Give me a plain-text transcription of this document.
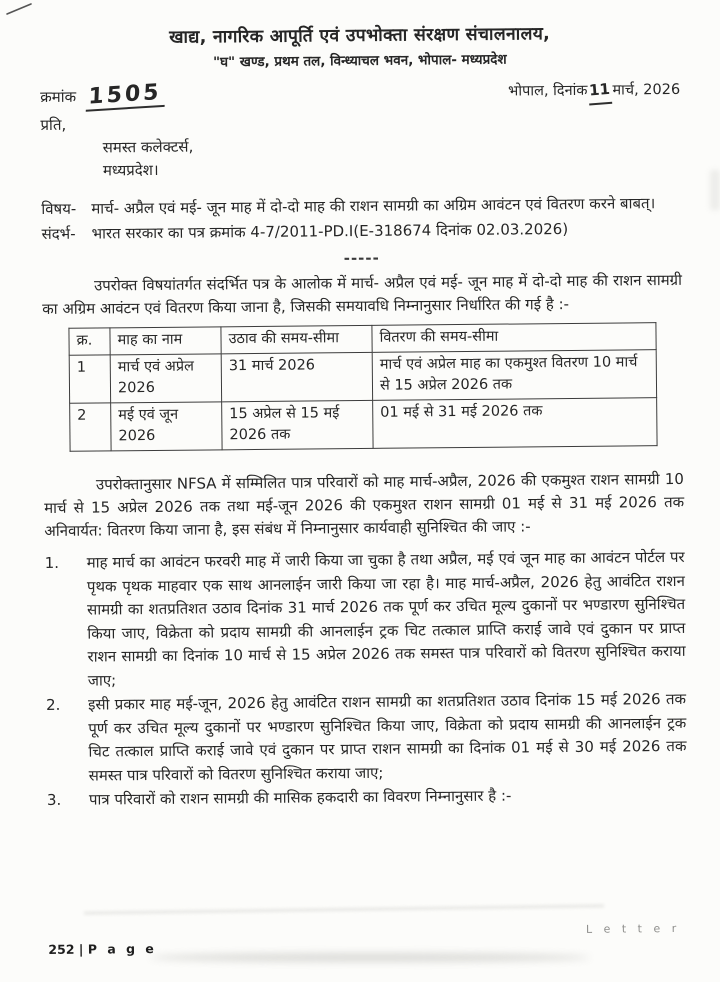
खाद्य, नागरिक आपूर्ति एवं उपभोक्ता संरक्षण संचालनालय,
"घ" खण्ड, प्रथम तल, विन्ध्याचल भवन, भोपाल- मध्यप्रदेश
क्रमांक 1505	भोपाल, दिनांक11मार्च, 2026
प्रति,
समस्त कलेक्टर्स,
मध्यप्रदेश।
विषय- मार्च- अप्रैल एवं मई- जून माह में दो-दो माह की राशन सामग्री का अग्रिम आवंटन एवं वितरण करने बाबत्।
संदर्भ-	भारत सरकार का पत्र क्रमांक 4-7/2011-PD.I(E-318674 दिनांक 02.03.2026)
-----
उपरोक्त विषयांतर्गत संदर्भित पत्र के आलोक में मार्च- अप्रैल एवं मई- जून माह में दो-दो माह की राशन सामग्री का अग्रिम आवंटन एवं वितरण किया जाना है, जिसकी समयावधि निम्नानुसार निर्धारित की गई है :-
क्र.	माह का नाम	उठाव की समय-सीमा	वितरण की समय-सीमा
1	मार्च एवं अप्रेल 2026	31 मार्च 2026	मार्च एवं अप्रेल माह का एकमुश्त वितरण 10 मार्च से 15 अप्रेल 2026 तक
2	मई एवं जून 2026	15 अप्रेल से 15 मई 2026 तक	01 मई से 31 मई 2026 तक
उपरोक्तानुसार NFSA में सम्मिलित पात्र परिवारों को माह मार्च-अप्रैल, 2026 की एकमुश्त राशन सामग्री 10 मार्च से 15 अप्रेल 2026 तक तथा मई-जून 2026 की एकमुश्त राशन सामग्री 01 मई से 31 मई 2026 तक अनिवार्यत: वितरण किया जाना है, इस संबंध में निम्नानुसार कार्यवाही सुनिश्चित की जाए :-
1.	माह मार्च का आवंटन फरवरी माह में जारी किया जा चुका है तथा अप्रैल, मई एवं जून माह का आवंटन पोर्टल पर पृथक पृथक माहवार एक साथ आनलाईन जारी किया जा रहा है। माह मार्च-अप्रैल, 2026 हेतु आवंटित राशन सामग्री का शतप्रतिशत उठाव दिनांक 31 मार्च 2026 तक पूर्ण कर उचित मूल्य दुकानों पर भण्डारण सुनिश्चित किया जाए, विक्रेता को प्रदाय सामग्री की आनलाईन ट्रक चिट तत्काल प्राप्ति कराई जावे एवं दुकान पर प्राप्त राशन सामग्री का दिनांक 10 मार्च से 15 अप्रेल 2026 तक समस्त पात्र परिवारों को वितरण सुनिश्चित कराया जाए;
2.	इसी प्रकार माह मई-जून, 2026 हेतु आवंटित राशन सामग्री का शतप्रतिशत उठाव दिनांक 15 मई 2026 तक पूर्ण कर उचित मूल्य दुकानों पर भण्डारण सुनिश्चित किया जाए, विक्रेता को प्रदाय सामग्री की आनलाईन ट्रक चिट तत्काल प्राप्ति कराई जावे एवं दुकान पर प्राप्त राशन सामग्री का दिनांक 01 मई से 30 मई 2026 तक समस्त पात्र परिवारों को वितरण सुनिश्चित कराया जाए;
3.	पात्र परिवारों को राशन सामग्री की मासिक हकदारी का विवरण निम्नानुसार है :-
252 | P a g e
L e t t e r
